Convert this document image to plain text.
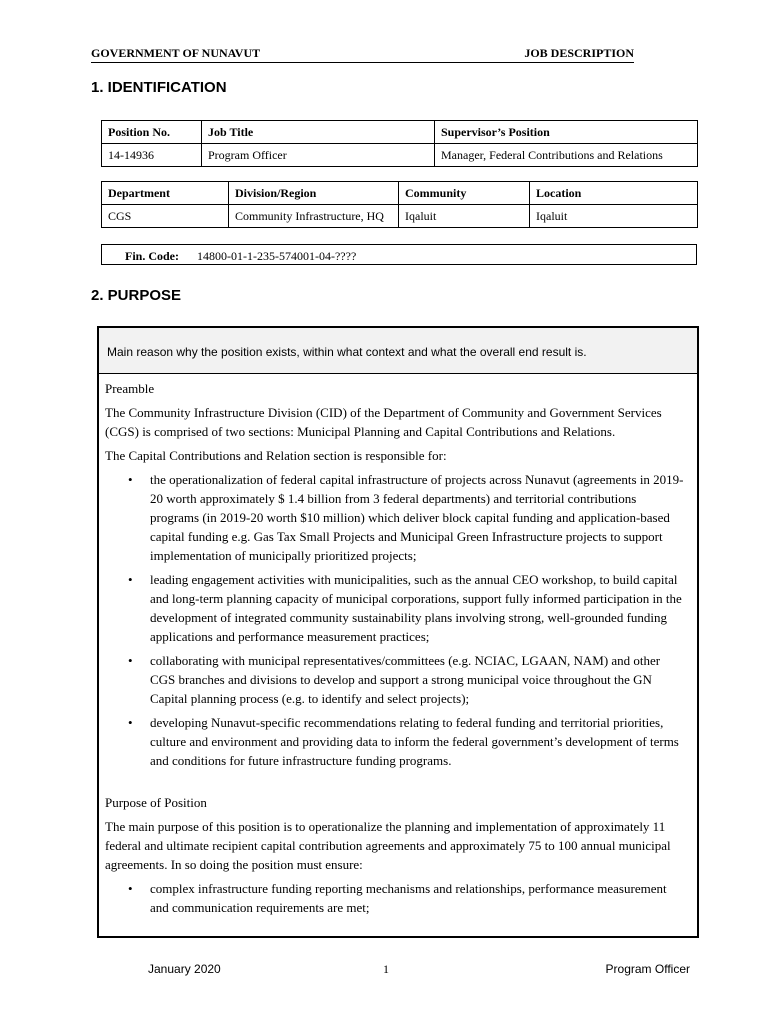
GOVERNMENT OF NUNAVUT	JOB DESCRIPTION
1. IDENTIFICATION
Position No.	Job Title	Supervisor’s Position
14-14936	Program Officer	Manager, Federal Contributions and Relations
Department	Division/Region	Community	Location
CGS	Community Infrastructure, HQ	Iqaluit	Iqaluit
Fin. Code: 14800-01-1-235-574001-04-????
2. PURPOSE
Main reason why the position exists, within what context and what the overall end result is.

Preamble

The Community Infrastructure Division (CID) of the Department of Community and Government Services (CGS) is comprised of two sections: Municipal Planning and Capital Contributions and Relations.

The Capital Contributions and Relation section is responsible for:

• the operationalization of federal capital infrastructure of projects across Nunavut (agreements in 2019-20 worth approximately $ 1.4 billion from 3 federal departments) and territorial contributions programs (in 2019-20 worth $10 million) which deliver block capital funding and application-based capital funding e.g. Gas Tax Small Projects and Municipal Green Infrastructure projects to support implementation of municipally prioritized projects;
• leading engagement activities with municipalities, such as the annual CEO workshop, to build capital and long-term planning capacity of municipal corporations, support fully informed participation in the development of integrated community sustainability plans involving strong, well-grounded funding applications and performance measurement practices;
• collaborating with municipal representatives/committees (e.g. NCIAC, LGAAN, NAM) and other CGS branches and divisions to develop and support a strong municipal voice throughout the GN Capital planning process (e.g. to identify and select projects);
• developing Nunavut-specific recommendations relating to federal funding and territorial priorities, culture and environment and providing data to inform the federal government’s development of terms and conditions for future infrastructure funding programs.

Purpose of Position

The main purpose of this position is to operationalize the planning and implementation of approximately 11 federal and ultimate recipient capital contribution agreements and approximately 75 to 100 annual municipal agreements. In so doing the position must ensure:

• complex infrastructure funding reporting mechanisms and relationships, performance measurement and communication requirements are met;
January 2020	1	Program Officer
